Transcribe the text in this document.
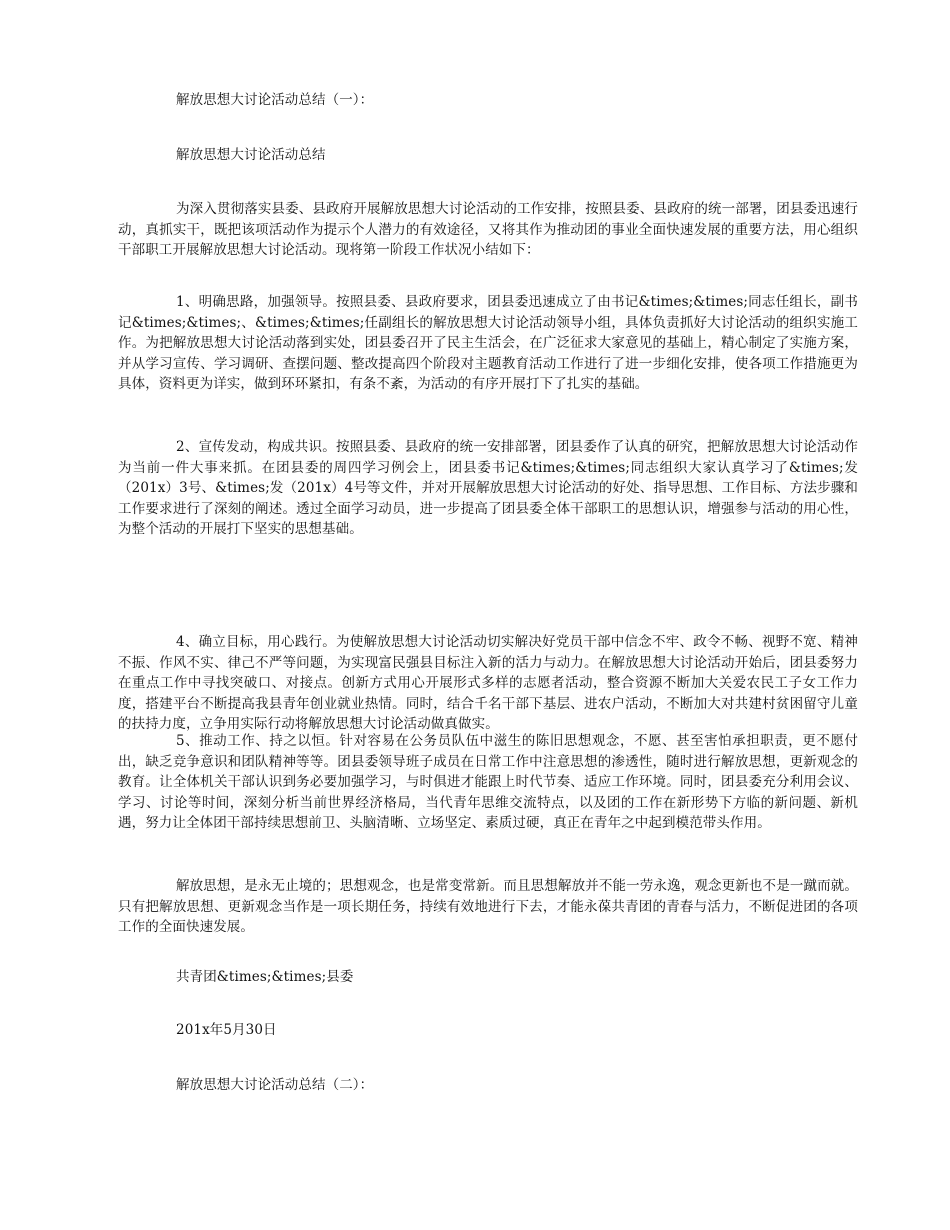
解放思想大讨论活动总结（一）：
解放思想大讨论活动总结
为深入贯彻落实县委、县政府开展解放思想大讨论活动的工作安排，按照县委、县政府的统一部署，团县委迅速行动，真抓实干，既把该项活动作为提示个人潜力的有效途径，又将其作为推动团的事业全面快速发展的重要方法，用心组织干部职工开展解放思想大讨论活动。现将第一阶段工作状况小结如下：
1、明确思路，加强领导。按照县委、县政府要求，团县委迅速成立了由书记&times;&times;同志任组长，副书记&times;&times;、&times;&times;任副组长的解放思想大讨论活动领导小组，具体负责抓好大讨论活动的组织实施工作。为把解放思想大讨论活动落到实处，团县委召开了民主生活会，在广泛征求大家意见的基础上，精心制定了实施方案，并从学习宣传、学习调研、查摆问题、整改提高四个阶段对主题教育活动工作进行了进一步细化安排，使各项工作措施更为具体，资料更为详实，做到环环紧扣，有条不紊，为活动的有序开展打下了扎实的基础。
2、宣传发动，构成共识。按照县委、县政府的统一安排部署，团县委作了认真的研究，把解放思想大讨论活动作为当前一件大事来抓。在团县委的周四学习例会上，团县委书记&times;&times;同志组织大家认真学习了&times;发（201x）3号、&times;发（201x）4号等文件，并对开展解放思想大讨论活动的好处、指导思想、工作目标、方法步骤和工作要求进行了深刻的阐述。透过全面学习动员，进一步提高了团县委全体干部职工的思想认识，增强参与活动的用心性，为整个活动的开展打下坚实的思想基础。
4、确立目标，用心践行。为使解放思想大讨论活动切实解决好党员干部中信念不牢、政令不畅、视野不宽、精神不振、作风不实、律己不严等问题，为实现富民强县目标注入新的活力与动力。在解放思想大讨论活动开始后，团县委努力在重点工作中寻找突破口、对接点。创新方式用心开展形式多样的志愿者活动，整合资源不断加大关爱农民工子女工作力度，搭建平台不断提高我县青年创业就业热情。同时，结合千名干部下基层、进农户活动，不断加大对共建村贫困留守儿童的扶持力度，立争用实际行动将解放思想大讨论活动做真做实。
5、推动工作、持之以恒。针对容易在公务员队伍中滋生的陈旧思想观念，不愿、甚至害怕承担职责，更不愿付出，缺乏竞争意识和团队精神等等。团县委领导班子成员在日常工作中注意思想的渗透性，随时进行解放思想，更新观念的教育。让全体机关干部认识到务必要加强学习，与时俱进才能跟上时代节奏、适应工作环境。同时，团县委充分利用会议、学习、讨论等时间，深刻分析当前世界经济格局，当代青年思维交流特点，以及团的工作在新形势下方临的新问题、新机遇，努力让全体团干部持续思想前卫、头脑清晰、立场坚定、素质过硬，真正在青年之中起到模范带头作用。
解放思想，是永无止境的；思想观念，也是常变常新。而且思想解放并不能一劳永逸，观念更新也不是一蹴而就。只有把解放思想、更新观念当作是一项长期任务，持续有效地进行下去，才能永葆共青团的青春与活力，不断促进团的各项工作的全面快速发展。
共青团&times;&times;县委
201x年5月30日
解放思想大讨论活动总结（二）：
